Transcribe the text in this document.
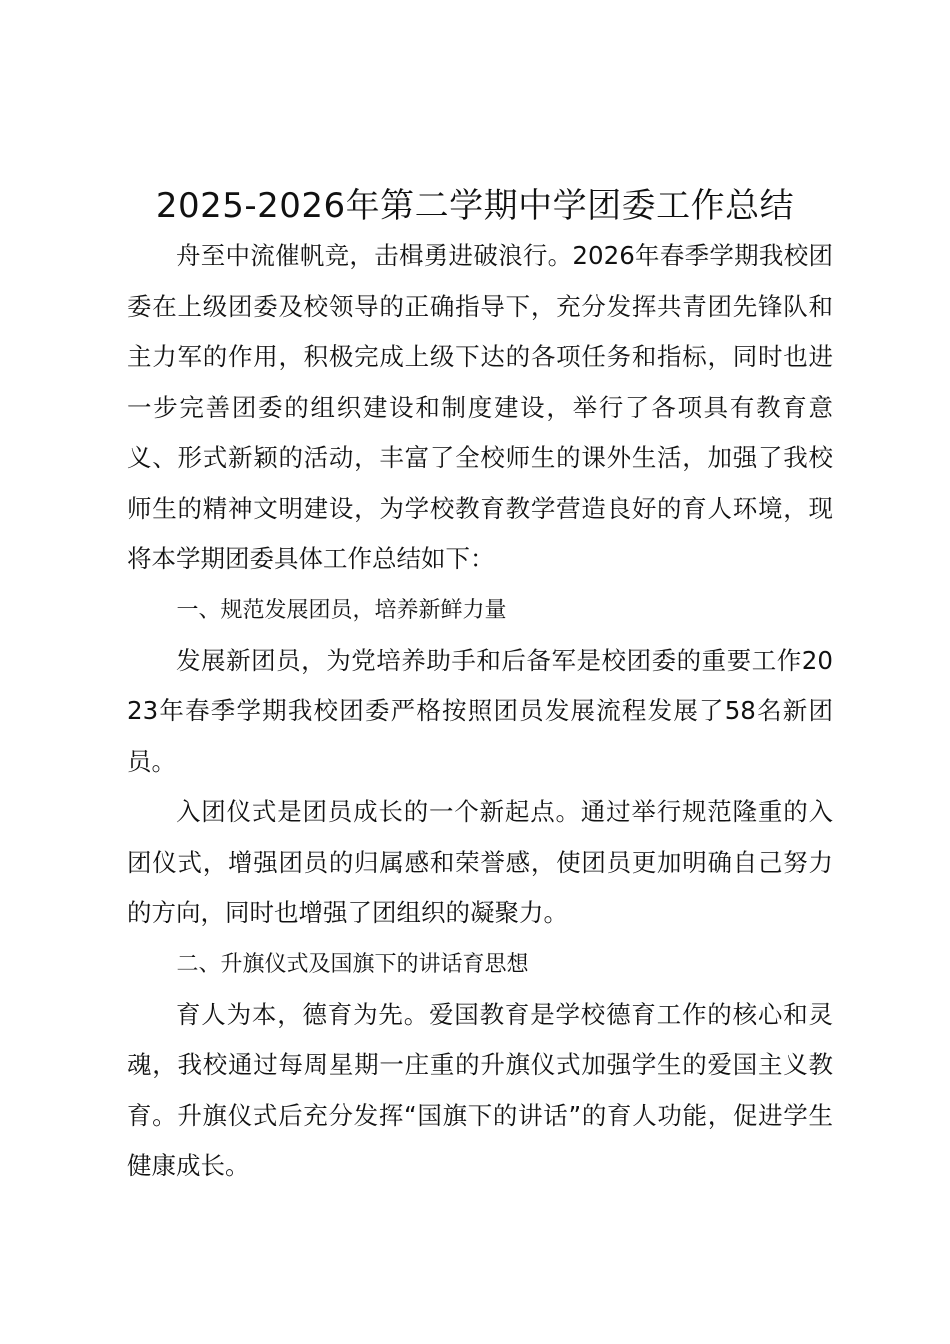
2025-2026年第二学期中学团委工作总结

舟至中流催帆竞，击楫勇进破浪行。2026年春季学期我校团委在上级团委及校领导的正确指导下，充分发挥共青团先锋队和主力军的作用，积极完成上级下达的各项任务和指标，同时也进一步完善团委的组织建设和制度建设，举行了各项具有教育意义、形式新颖的活动，丰富了全校师生的课外生活，加强了我校师生的精神文明建设，为学校教育教学营造良好的育人环境，现将本学期团委具体工作总结如下：

一、规范发展团员，培养新鲜力量

发展新团员，为党培养助手和后备军是校团委的重要工作2023年春季学期我校团委严格按照团员发展流程发展了58名新团员。

入团仪式是团员成长的一个新起点。通过举行规范隆重的入团仪式，增强团员的归属感和荣誉感，使团员更加明确自己努力的方向，同时也增强了团组织的凝聚力。

二、升旗仪式及国旗下的讲话育思想

育人为本，德育为先。爱国教育是学校德育工作的核心和灵魂，我校通过每周星期一庄重的升旗仪式加强学生的爱国主义教育。升旗仪式后充分发挥“国旗下的讲话”的育人功能，促进学生健康成长。
